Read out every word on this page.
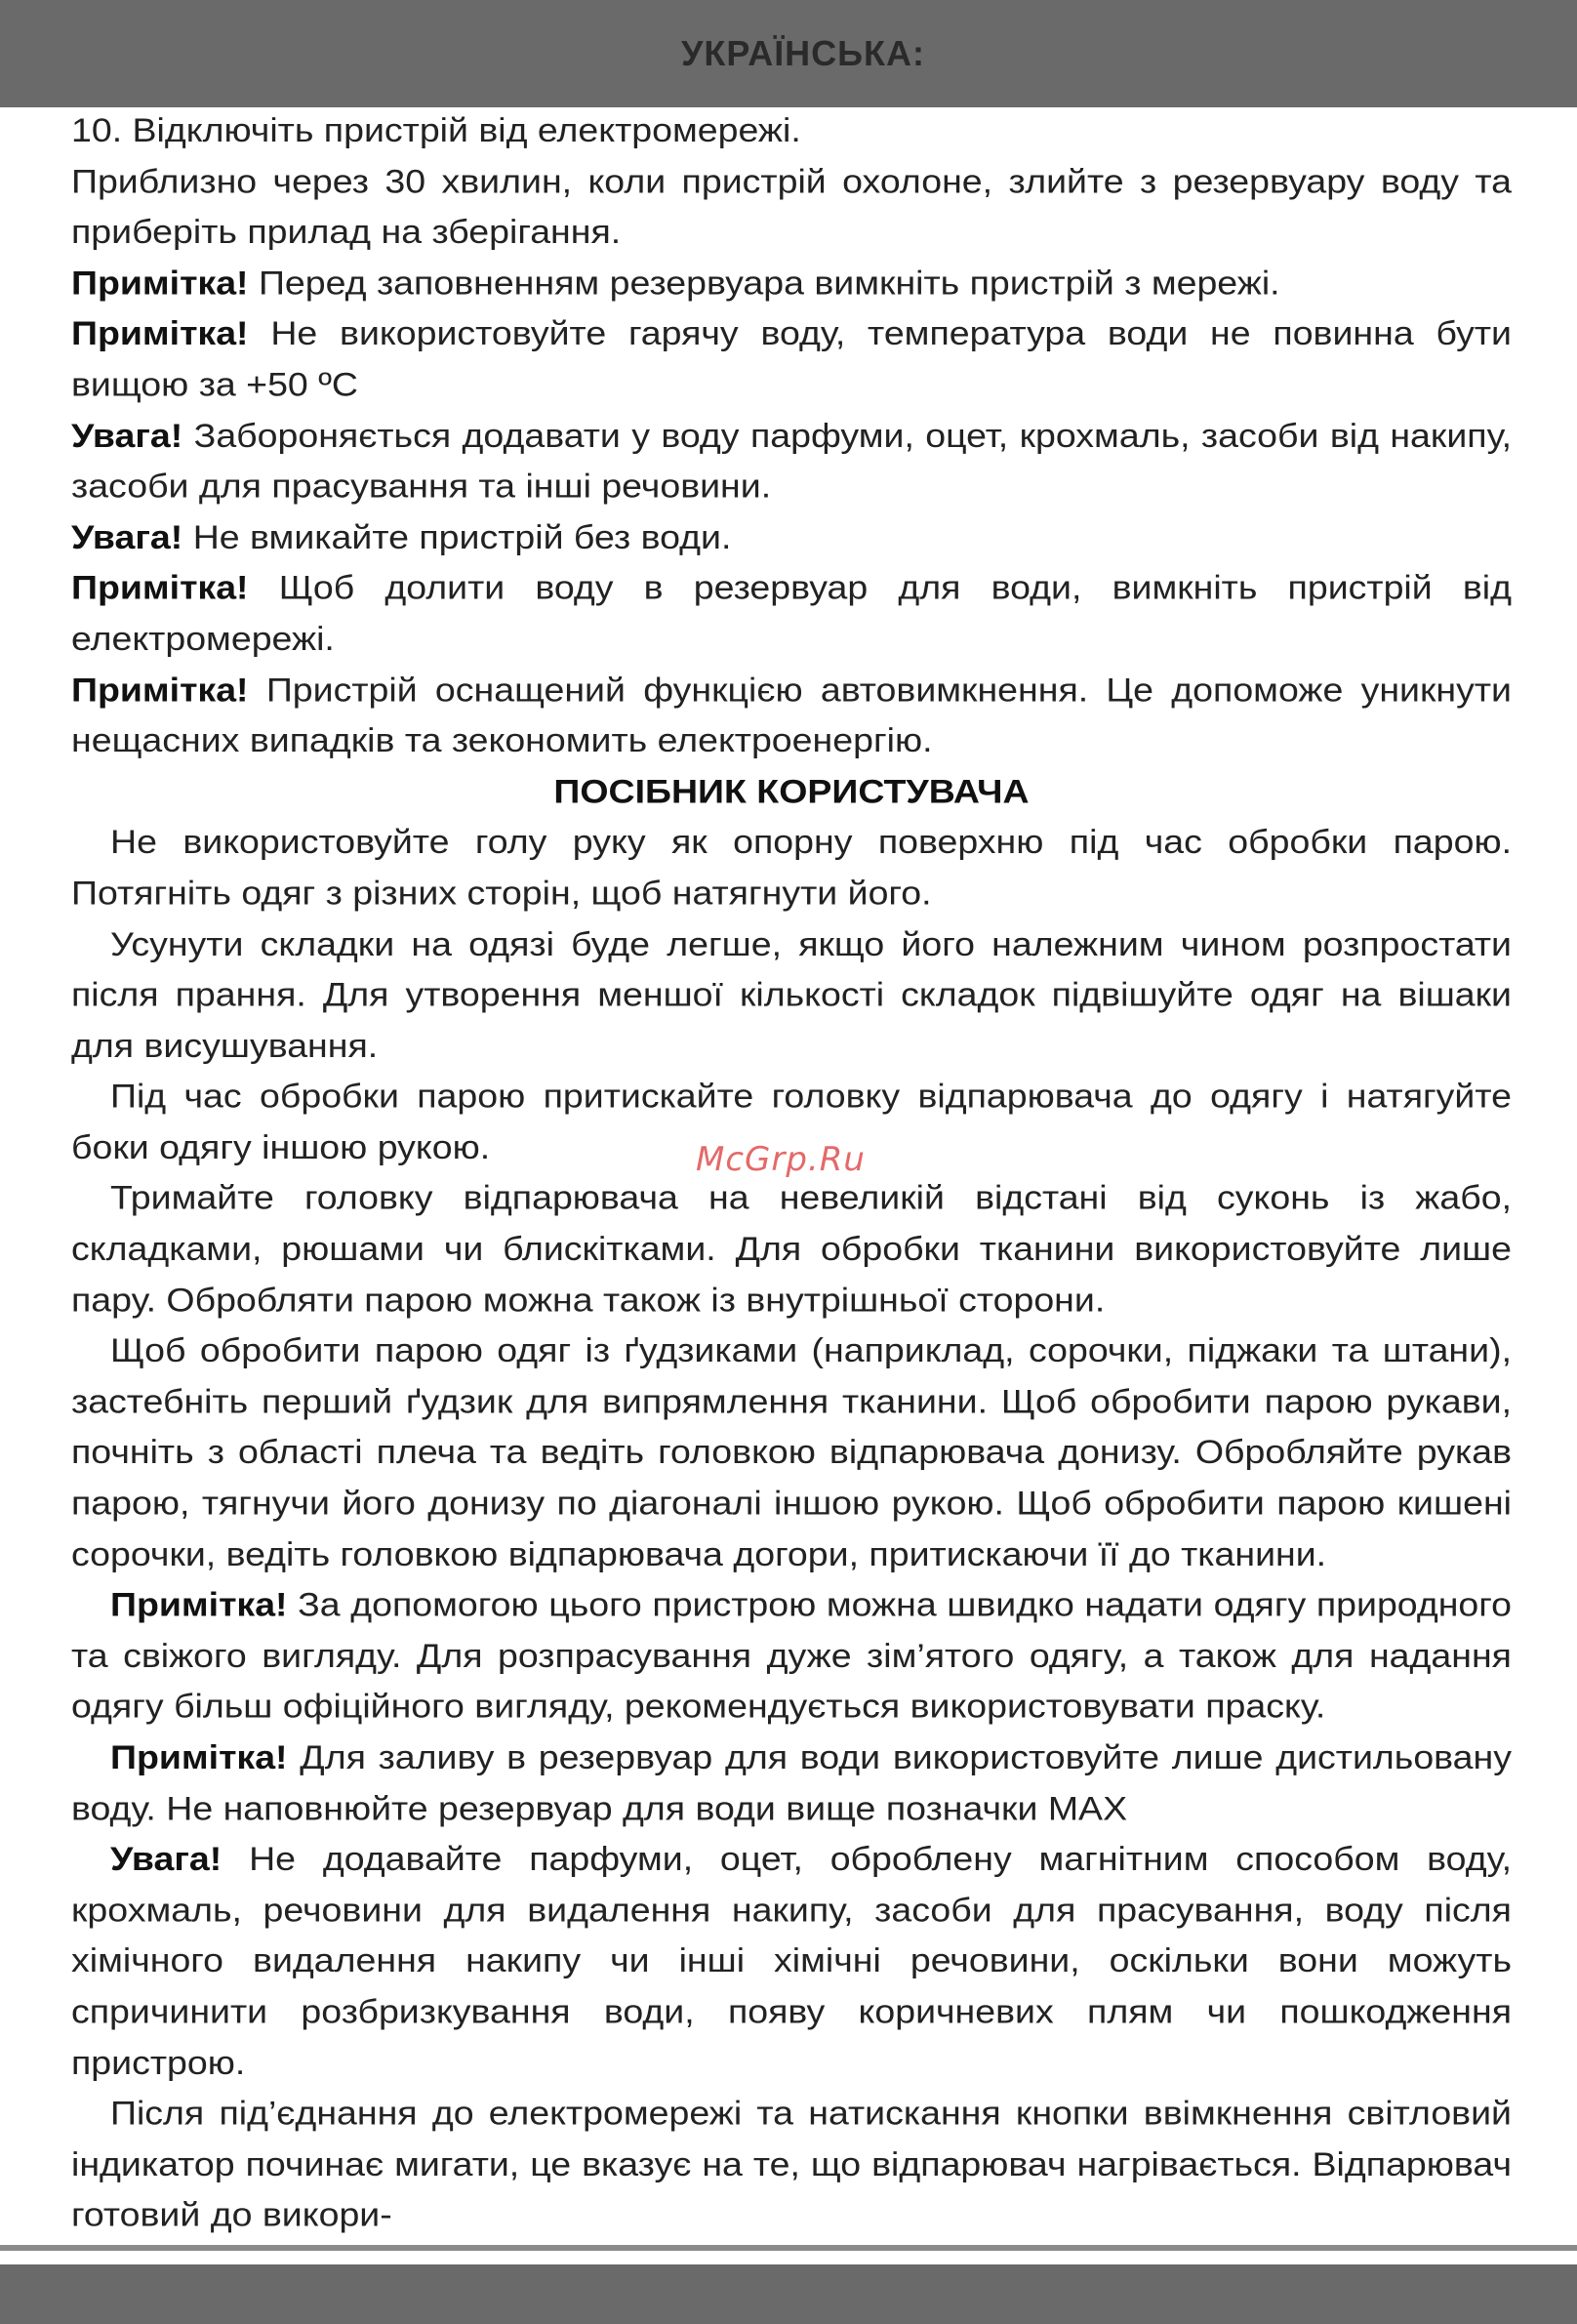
УКРАЇНСЬКА:

10. Відключіть пристрій від електромережі.

Приблизно через 30 хвилин, коли пристрій охолоне, злийте з резервуару воду та приберіть прилад на зберігання.

Примітка! Перед заповненням резервуара вимкніть пристрій з мережі.

Примітка! Не використовуйте гарячу воду, температура води не повинна бути вищою за +50 ºC

Увага! Забороняється додавати у воду парфуми, оцет, крохмаль, засоби від накипу, засоби для прасування та інші речовини.

Увага! Не вмикайте пристрій без води.

Примітка! Щоб долити воду в резервуар для води, вимкніть пристрій від електромережі.

Примітка! Пристрій оснащений функцією автовимкнення. Це допоможе уникнути нещасних випадків та зекономить електроенергію.

ПОСІБНИК КОРИСТУВАЧА

Не використовуйте голу руку як опорну поверхню під час обробки парою. Потягніть одяг з різних сторін, щоб натягнути його.

Усунути складки на одязі буде легше, якщо його належним чином розпростати після прання. Для утворення меншої кількості складок підвішуйте одяг на вішаки для висушування.

Під час обробки парою притискайте головку відпарювача до одягу і натягуйте боки одягу іншою рукою.

Тримайте головку відпарювача на невеликій відстані від суконь із жабо, складками, рюшами чи блискітками. Для обробки тканини використовуйте лише пару. Обробляти парою можна також із внутрішньої сторони.

Щоб обробити парою одяг із ґудзиками (наприклад, сорочки, піджаки та штани), застебніть перший ґудзик для випрямлення тканини. Щоб обробити парою рукави, почніть з області плеча та ведіть головкою відпарювача донизу. Обробляйте рукав парою, тягнучи його донизу по діагоналі іншою рукою. Щоб обробити парою кишені сорочки, ведіть головкою відпарювача догори, притискаючи її до тканини.

Примітка! За допомогою цього пристрою можна швидко надати одягу природного та свіжого вигляду. Для розпрасування дуже зім’ятого одягу, а також для надання одягу більш офіційного вигляду, рекомендується використовувати праску.

Примітка! Для заливу в резервуар для води використовуйте лише дистильовану воду. Не наповнюйте резервуар для води вище позначки MAX

Увага! Не додавайте парфуми, оцет, оброблену магнітним способом воду, крохмаль, речовини для видалення накипу, засоби для прасування, воду після хімічного видалення накипу чи інші хімічні речовини, оскільки вони можуть спричинити розбризкування води, появу коричневих плям чи пошкодження пристрою.

Після під’єднання до електромережі та натискання кнопки ввімкнення світловий індикатор починає мигати, це вказує на те, що відпарювач нагрівається. Відпарювач готовий до викори-

McGrp.Ru
